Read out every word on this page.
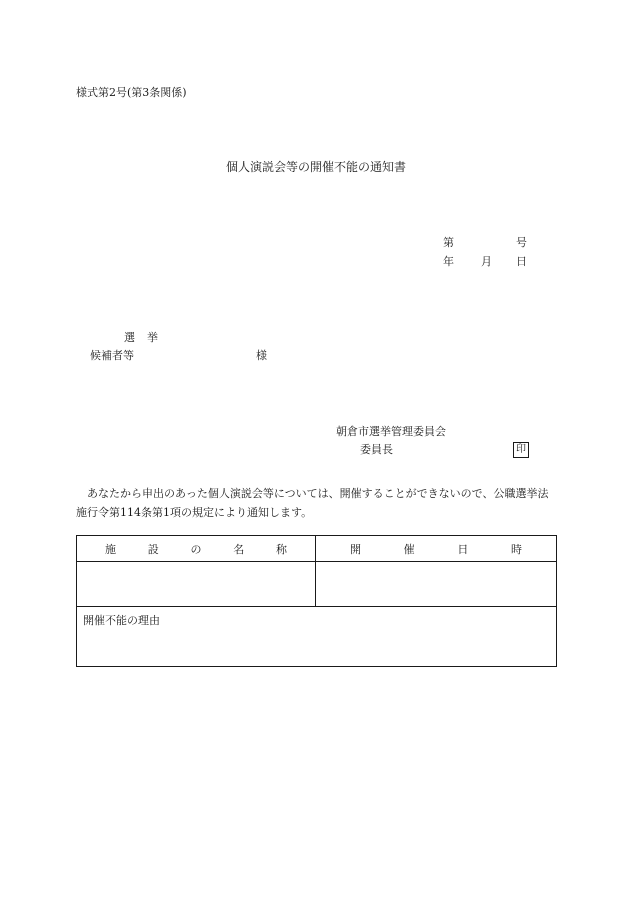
様式第2号(第3条関係)
個人演説会等の開催不能の通知書
第	号
年 月 日
選挙
候補者等	様
朝倉市選挙管理委員会
委員長	印
あなたから申出のあった個人演説会等については、開催することができないので、公職選挙法施行令第114条第1項の規定により通知します。
施 設 の 名 称	開 催 日 時

開催不能の理由	
